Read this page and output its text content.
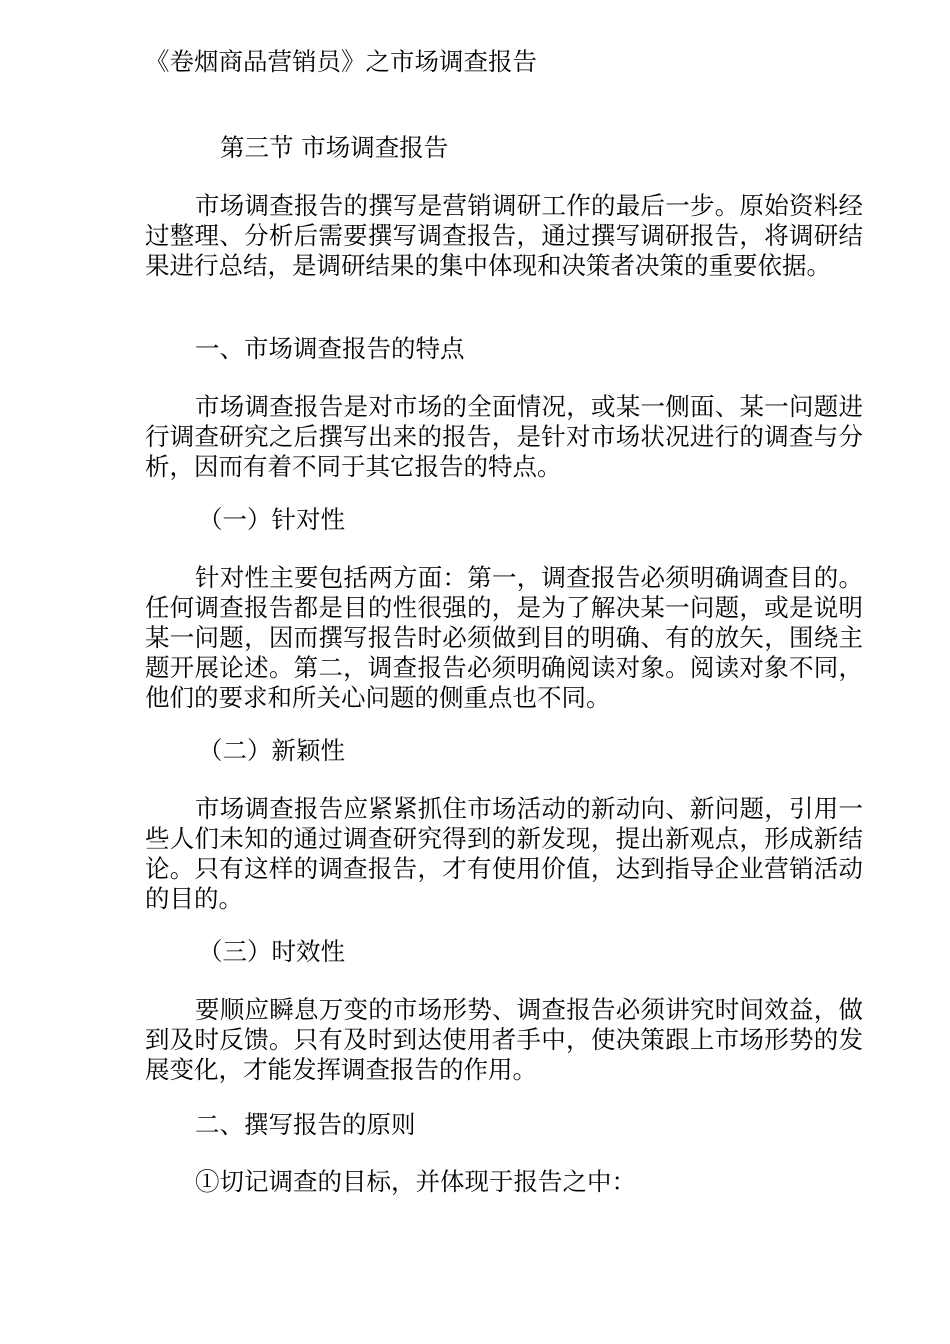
《卷烟商品营销员》之市场调查报告
第三节 市场调查报告
市场调查报告的撰写是营销调研工作的最后一步。原始资料经过整理、分析后需要撰写调查报告，通过撰写调研报告，将调研结果进行总结，是调研结果的集中体现和决策者决策的重要依据。
一、市场调查报告的特点
市场调查报告是对市场的全面情况，或某一侧面、某一问题进行调查研究之后撰写出来的报告，是针对市场状况进行的调查与分析，因而有着不同于其它报告的特点。
（一）针对性
针对性主要包括两方面：第一，调查报告必须明确调查目的。任何调查报告都是目的性很强的，是为了解决某一问题，或是说明某一问题，因而撰写报告时必须做到目的明确、有的放矢，围绕主题开展论述。第二，调查报告必须明确阅读对象。阅读对象不同，他们的要求和所关心问题的侧重点也不同。
（二）新颖性
市场调查报告应紧紧抓住市场活动的新动向、新问题，引用一些人们未知的通过调查研究得到的新发现，提出新观点，形成新结论。只有这样的调查报告，才有使用价值，达到指导企业营销活动的目的。
（三）时效性
要顺应瞬息万变的市场形势、调查报告必须讲究时间效益，做到及时反馈。只有及时到达使用者手中，使决策跟上市场形势的发展变化，才能发挥调查报告的作用。
二、撰写报告的原则
①切记调查的目标，并体现于报告之中：
